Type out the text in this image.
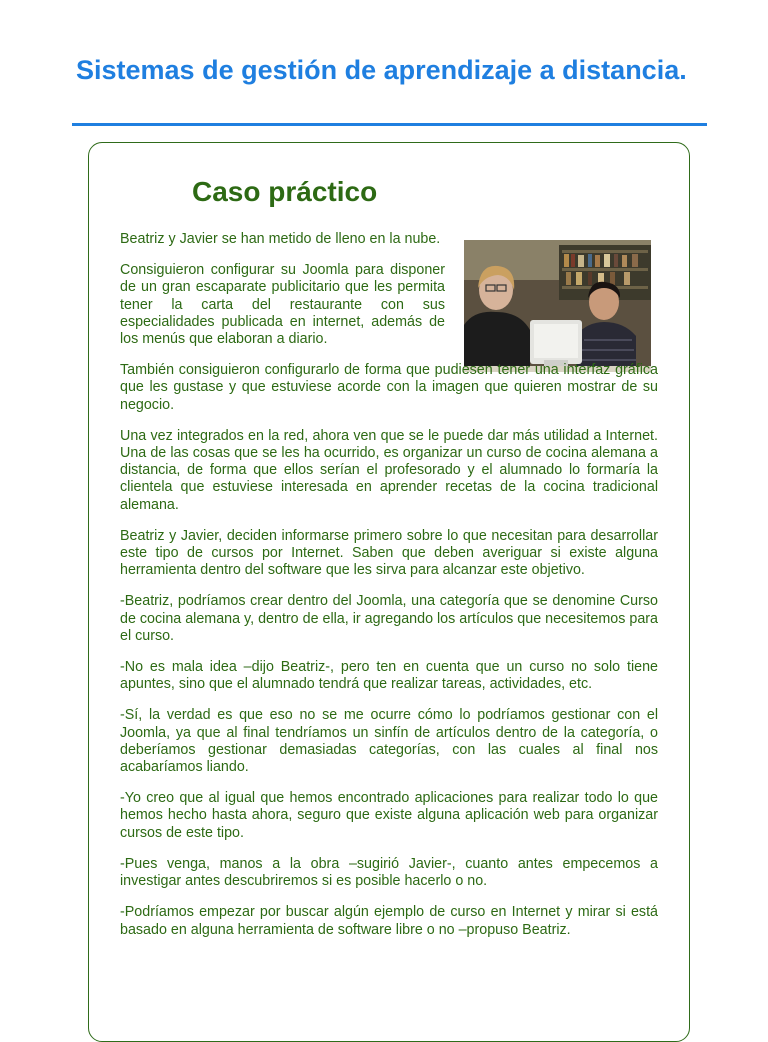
Sistemas de gestión de aprendizaje a distancia.
Caso práctico

Beatriz y Javier se han metido de lleno en la nube.

Consiguieron configurar su Joomla para disponer de un gran escaparate publicitario que les permita tener la carta del restaurante con sus especialidades publicada en internet, además de los menús que elaboran a diario.

También consiguieron configurarlo de forma que pudiesen tener una interfaz gráfica que les gustase y que estuviese acorde con la imagen que quieren mostrar de su negocio.

Una vez integrados en la red, ahora ven que se le puede dar más utilidad a Internet. Una de las cosas que se les ha ocurrido, es organizar un curso de cocina alemana a distancia, de forma que ellos serían el profesorado y el alumnado lo formaría la clientela que estuviese interesada en aprender recetas de la cocina tradicional alemana.

Beatriz y Javier, deciden informarse primero sobre lo que necesitan para desarrollar este tipo de cursos por Internet. Saben que deben averiguar si existe alguna herramienta dentro del software que les sirva para alcanzar este objetivo.

-Beatriz, podríamos crear dentro del Joomla, una categoría que se denomine Curso de cocina alemana y, dentro de ella, ir agregando los artículos que necesitemos para el curso.

-No es mala idea –dijo Beatriz-, pero ten en cuenta que un curso no solo tiene apuntes, sino que el alumnado tendrá que realizar tareas, actividades, etc.

-Sí, la verdad es que eso no se me ocurre cómo lo podríamos gestionar con el Joomla, ya que al final tendríamos un sinfín de artículos dentro de la categoría, o deberíamos gestionar demasiadas categorías, con las cuales al final nos acabaríamos liando.

-Yo creo que al igual que hemos encontrado aplicaciones para realizar todo lo que hemos hecho hasta ahora, seguro que existe alguna aplicación web para organizar cursos de este tipo.

-Pues venga, manos a la obra –sugirió Javier-, cuanto antes empecemos a investigar antes descubriremos si es posible hacerlo o no.

-Podríamos empezar por buscar algún ejemplo de curso en Internet y mirar si está basado en alguna herramienta de software libre o no –propuso Beatriz.
